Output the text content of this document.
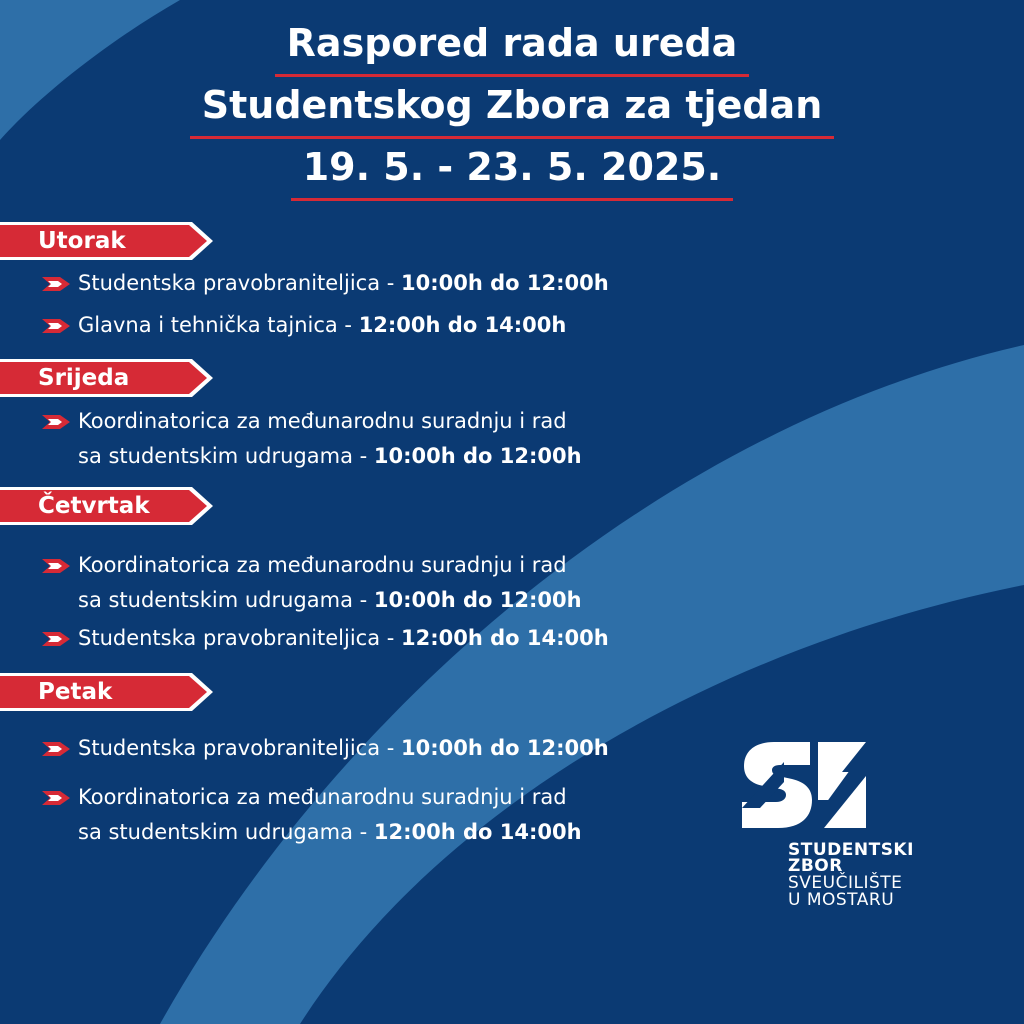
Raspored rada ureda
Studentskog Zbora za tjedan
19. 5. - 23. 5. 2025.
Utorak
Studentska pravobraniteljica - 10:00h do 12:00h
Glavna i tehnička tajnica - 12:00h do 14:00h
Srijeda
Koordinatorica za međunarodnu suradnju i rad
sa studentskim udrugama - 10:00h do 12:00h
Četvrtak
Koordinatorica za međunarodnu suradnju i rad
sa studentskim udrugama - 10:00h do 12:00h
Studentska pravobraniteljica - 12:00h do 14:00h
Petak
Studentska pravobraniteljica - 10:00h do 12:00h
Koordinatorica za međunarodnu suradnju i rad
sa studentskim udrugama - 12:00h do 14:00h
STUDENTSKI
ZBOR
SVEUČILIŠTE
U MOSTARU
